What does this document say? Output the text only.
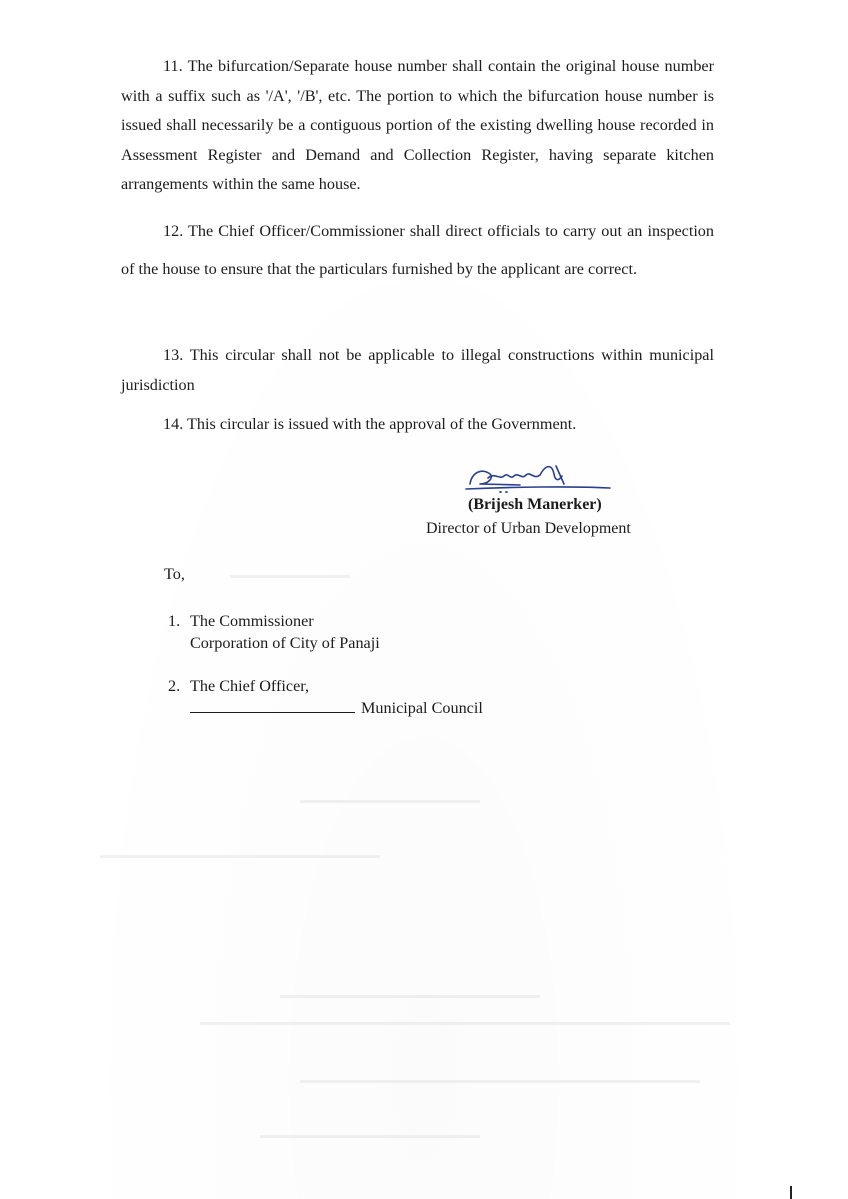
11. The bifurcation/Separate house number shall contain the original house number with a suffix such as '/A', '/B', etc. The portion to which the bifurcation house number is issued shall necessarily be a contiguous portion of the existing dwelling house recorded in Assessment Register and Demand and Collection Register, having separate kitchen arrangements within the same house.
12. The Chief Officer/Commissioner shall direct officials to carry out an inspection of the house to ensure that the particulars furnished by the applicant are correct.
13. This circular shall not be applicable to illegal constructions within municipal jurisdiction
14. This circular is issued with the approval of the Government.
(Brijesh Manerker)
Director of Urban Development
To,
1. The Commissioner
Corporation of City of Panaji
2. The Chief Officer,
Municipal Council
